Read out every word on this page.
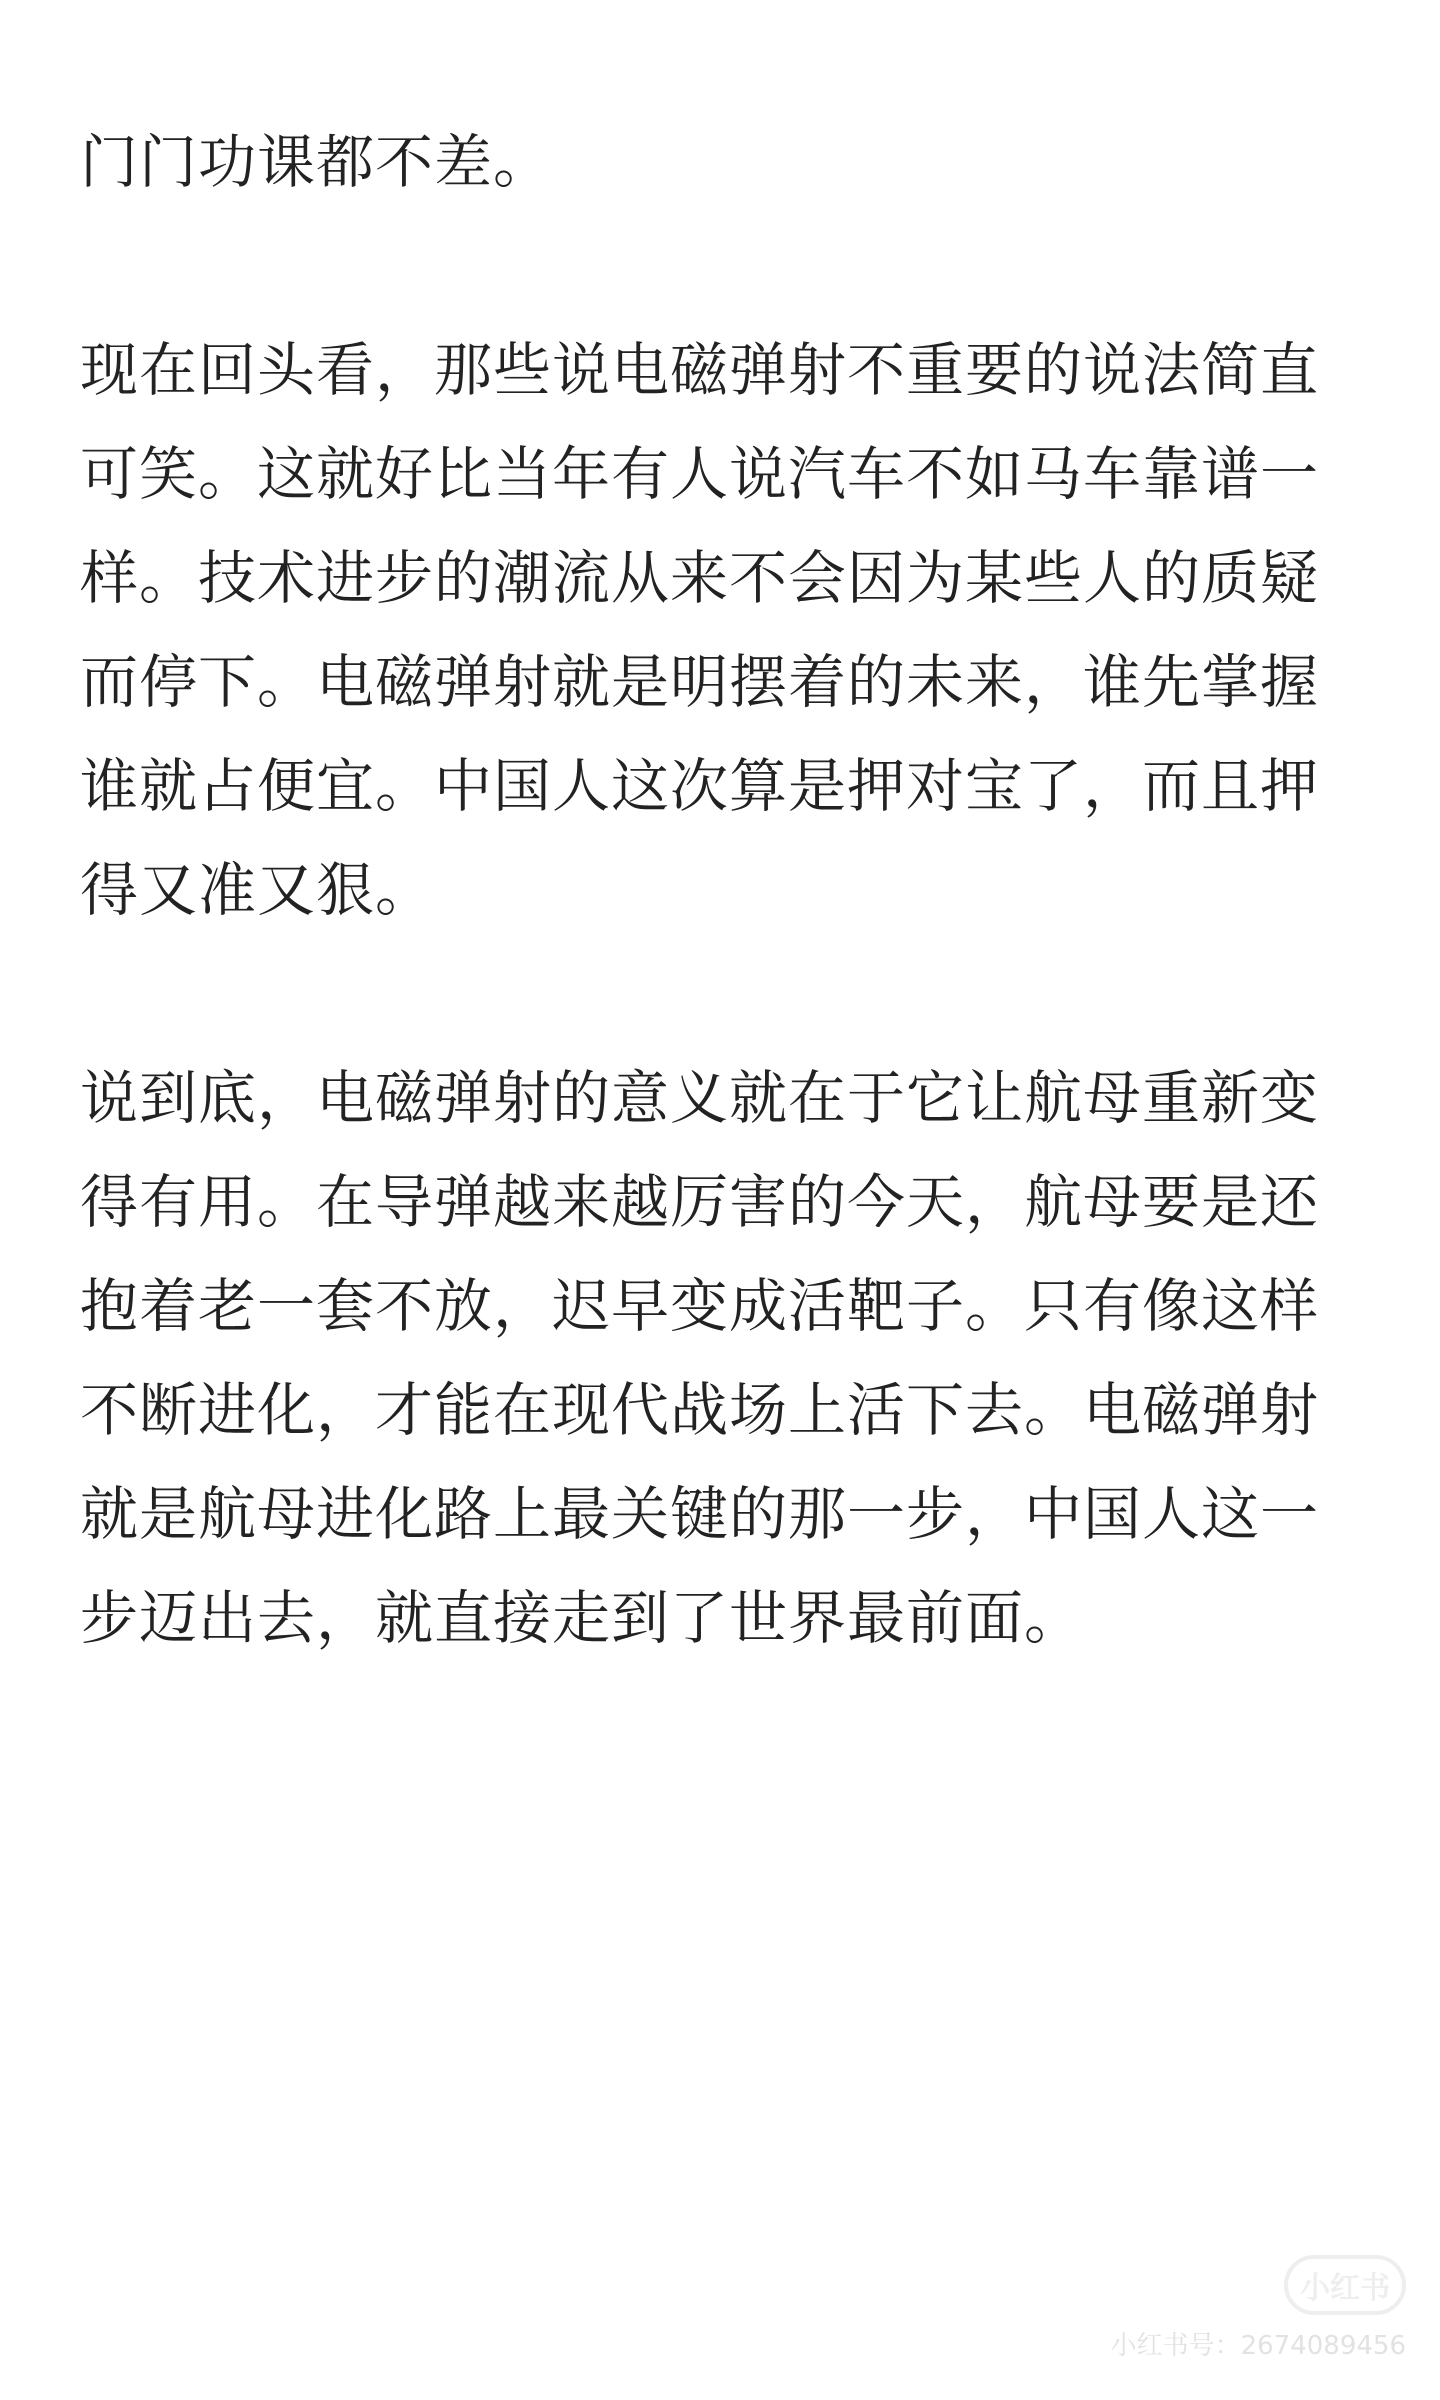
门门功课都不差。

现在回头看，那些说电磁弹射不重要的说法简直可笑。这就好比当年有人说汽车不如马车靠谱一样。技术进步的潮流从来不会因为某些人的质疑而停下。电磁弹射就是明摆着的未来，谁先掌握谁就占便宜。中国人这次算是押对宝了，而且押得又准又狠。

说到底，电磁弹射的意义就在于它让航母重新变得有用。在导弹越来越厉害的今天，航母要是还抱着老一套不放，迟早变成活靶子。只有像这样不断进化，才能在现代战场上活下去。电磁弹射就是航母进化路上最关键的那一步，中国人这一步迈出去，就直接走到了世界最前面。

小红书
小红书号：2674089456
